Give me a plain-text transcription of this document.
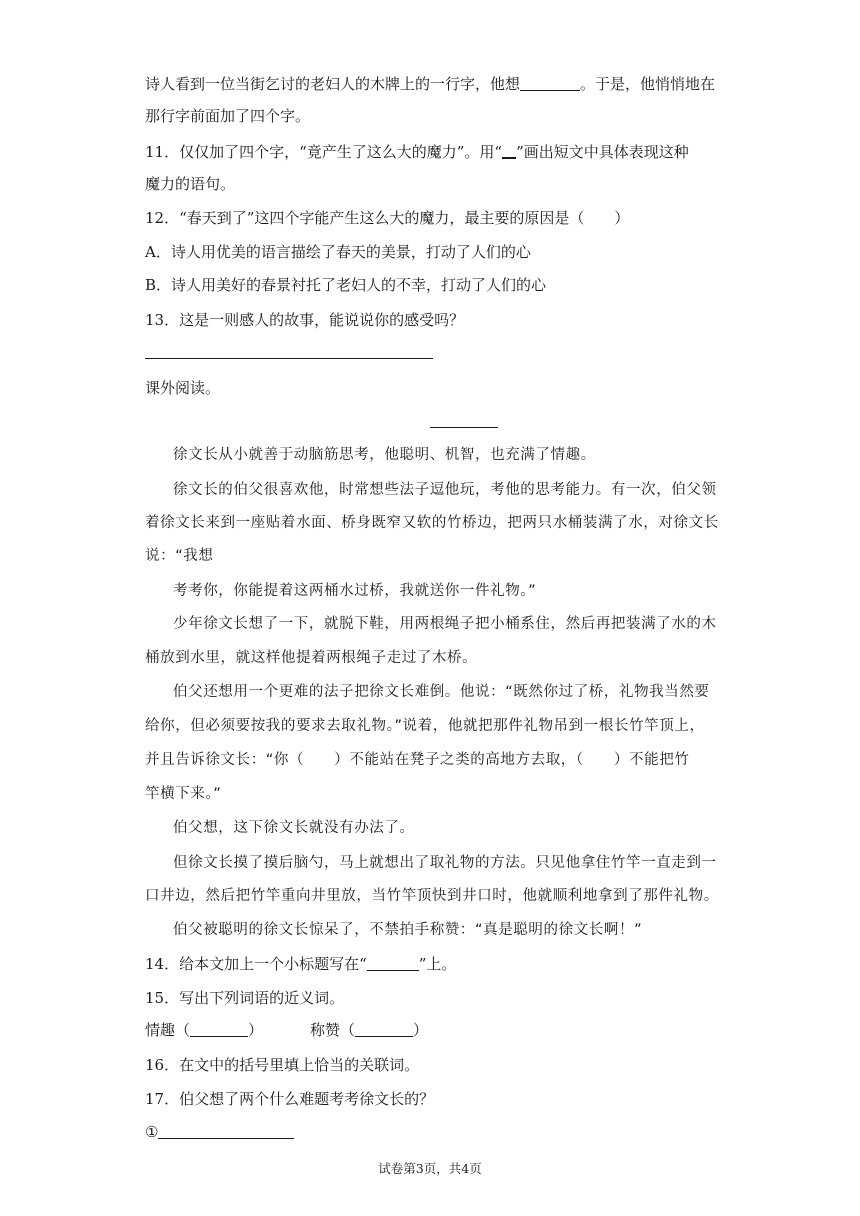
诗人看到一位当街乞讨的老妇人的木牌上的一行字，他想	。于是，他悄悄地在
那行字前面加了四个字。
11．仅仅加了四个字，“竟产生了这么大的魔力”。用“ ”画出短文中具体表现这种
魔力的语句。
12．“春天到了”这四个字能产生这么大的魔力，最主要的原因是（　　）
A．诗人用优美的语言描绘了春天的美景，打动了人们的心
B．诗人用美好的春景衬托了老妇人的不幸，打动了人们的心
13．这是一则感人的故事，能说说你的感受吗？
课外阅读。
徐文长从小就善于动脑筋思考，他聪明、机智，也充满了情趣。
徐文长的伯父很喜欢他，时常想些法子逗他玩，考他的思考能力。有一次，伯父领
着徐文长来到一座贴着水面、桥身既窄又软的竹桥边，把两只水桶装满了水，对徐文长
说：“我想
考考你，你能提着这两桶水过桥，我就送你一件礼物。”
少年徐文长想了一下，就脱下鞋，用两根绳子把小桶系住，然后再把装满了水的木
桶放到水里，就这样他提着两根绳子走过了木桥。
伯父还想用一个更难的法子把徐文长难倒。他说：“既然你过了桥，礼物我当然要
给你，但必须要按我的要求去取礼物。”说着，他就把那件礼物吊到一根长竹竿顶上，
并且告诉徐文长：“你（　　）不能站在凳子之类的高地方去取，（　　）不能把竹
竿横下来。”
伯父想，这下徐文长就没有办法了。
但徐文长摸了摸后脑勺，马上就想出了取礼物的方法。只见他拿住竹竿一直走到一
口井边，然后把竹竿重向井里放，当竹竿顶快到井口时，他就顺利地拿到了那件礼物。
伯父被聪明的徐文长惊呆了，不禁拍手称赞：“真是聪明的徐文长啊！”
14．给本文加上一个小标题写在“	”上。
15．写出下列词语的近义词。
情趣（	）	称赞（	）
16．在文中的括号里填上恰当的关联词。
17．伯父想了两个什么难题考考徐文长的？
①
试卷第3页，共4页
